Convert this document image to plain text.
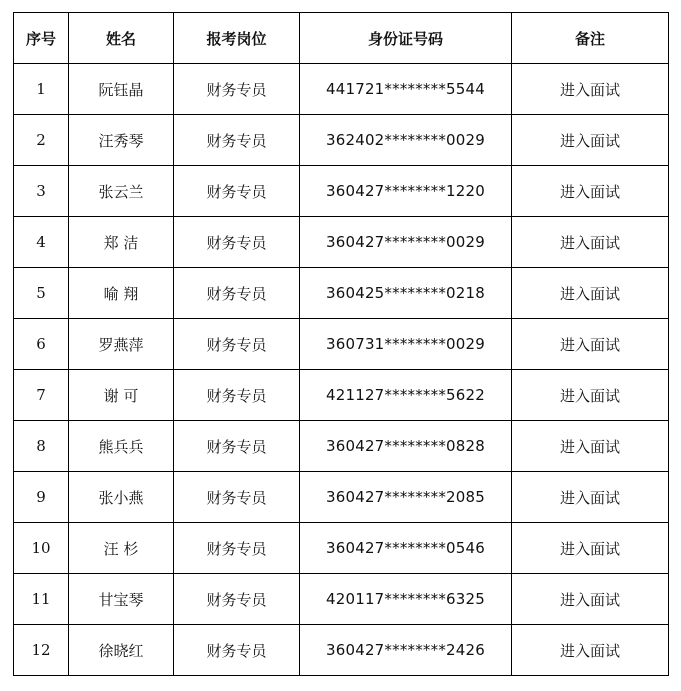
序号	姓名	报考岗位	身份证号码	备注
1	阮钰晶	财务专员	441721********5544	进入面试
2	汪秀琴	财务专员	362402********0029	进入面试
3	张云兰	财务专员	360427********1220	进入面试
4	郑 洁	财务专员	360427********0029	进入面试
5	喻 翔	财务专员	360425********0218	进入面试
6	罗燕萍	财务专员	360731********0029	进入面试
7	谢 可	财务专员	421127********5622	进入面试
8	熊兵兵	财务专员	360427********0828	进入面试
9	张小燕	财务专员	360427********2085	进入面试
10	汪 杉	财务专员	360427********0546	进入面试
11	甘宝琴	财务专员	420117********6325	进入面试
12	徐晓红	财务专员	360427********2426	进入面试
